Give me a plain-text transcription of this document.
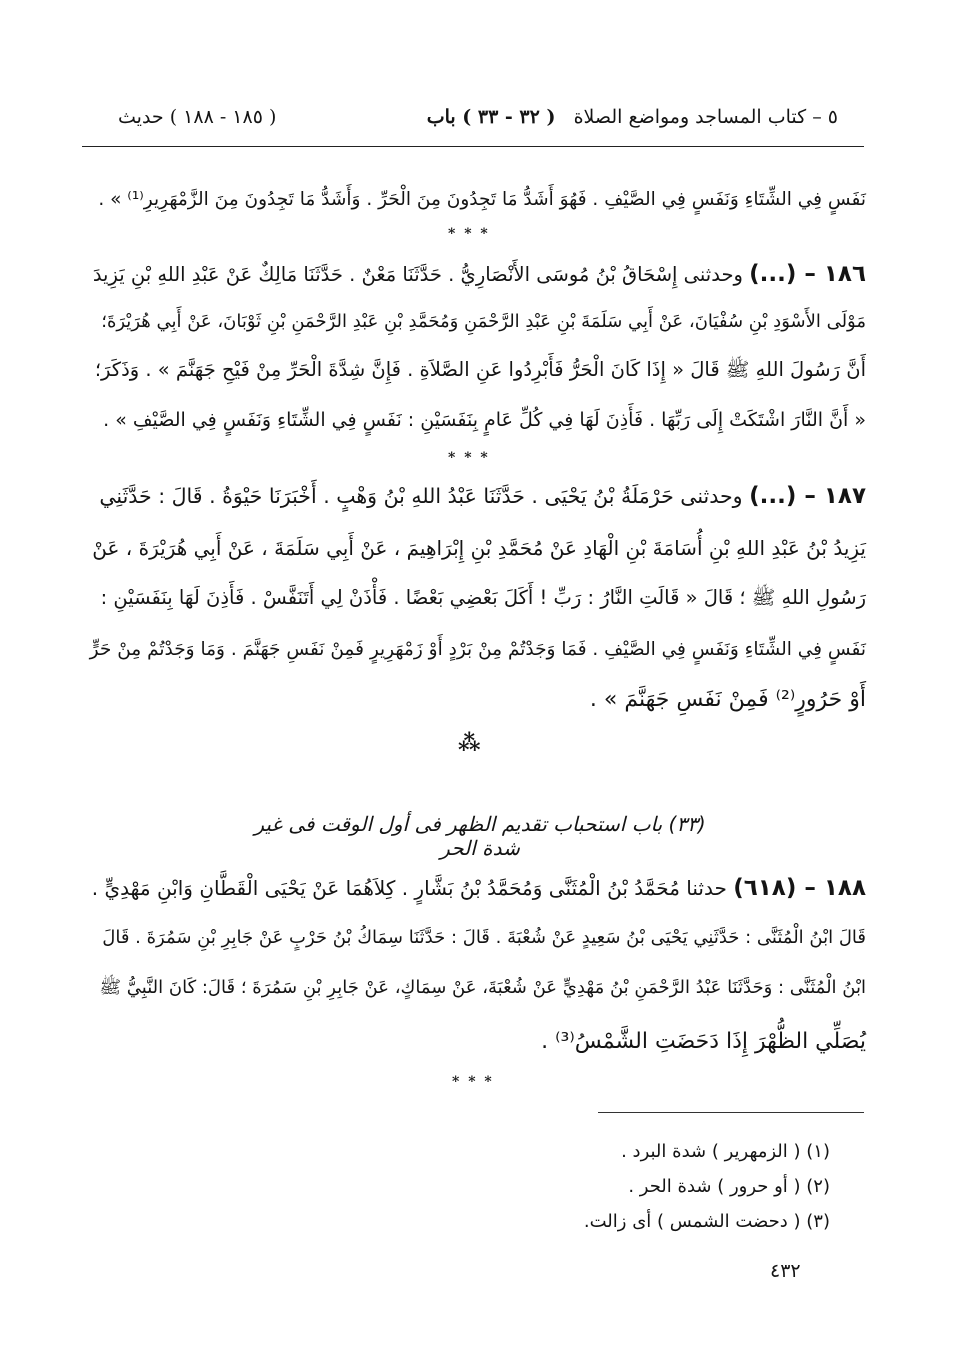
٥ – كتاب المساجد ومواضع الصلاة   ( ٣٢ - ٣٣ ) باب
( ١٨٥ - ١٨٨ ) حديث
نَفَسٍ فِي الشِّتَاءِ وَنَفَسٍ فِي الصَّيْفِ . فَهُوَ أَشَدُّ مَا تَجِدُونَ مِنَ الْحَرِّ . وَأَشَدُّ مَا تَجِدُونَ مِنَ الزَّمْهَرِيرِ⁽¹⁾ » .
* * *
١٨٦ – (...) وحدثنى إِسْحَاقُ بْنُ مُوسَى الأَنْصَارِيُّ . حَدَّثَنَا مَعْنٌ . حَدَّثَنَا مَالِكٌ عَنْ عَبْدِ اللهِ بْنِ يَزِيدَ
مَوْلَى الأَسْوَدِ بْنِ سُفْيَانَ، عَنْ أَبِي سَلَمَةَ بْنِ عَبْدِ الرَّحْمَنِ وَمُحَمَّدِ بْنِ عَبْدِ الرَّحْمَنِ بْنِ ثَوْبَانَ، عَنْ أَبِي هُرَيْرَةَ؛
أَنَّ رَسُولَ اللهِ ﷺ قَالَ « إِذَا كَانَ الْحَرُّ فَأَبْرِدُوا عَنِ الصَّلاَةِ . فَإِنَّ شِدَّةَ الْحَرِّ مِنْ فَيْحِ جَهَنَّمَ » . وَذَكَرَ؛
« أَنَّ النَّارَ اشْتَكَتْ إِلَى رَبِّهَا . فَأَذِنَ لَهَا فِي كُلِّ عَامٍ بِنَفَسَيْنِ : نَفَسٍ فِي الشِّتَاءِ وَنَفَسٍ فِي الصَّيْفِ » .
* * *
١٨٧ – (...) وحدثنى حَرْمَلَةُ بْنُ يَحْيَى . حَدَّثَنَا عَبْدُ اللهِ بْنُ وَهْبٍ . أَخْبَرَنَا حَيْوَةُ . قَالَ : حَدَّثَنِي
يَزِيدُ بْنُ عَبْدِ اللهِ بْنِ أُسَامَةَ بْنِ الْهَادِ عَنْ مُحَمَّدِ بْنِ إِبْرَاهِيمَ ، عَنْ أَبِي سَلَمَةَ ، عَنْ أَبِي هُرَيْرَةَ ، عَنْ
رَسُولِ اللهِ ﷺ ؛ قَالَ « قَالَتِ النَّارُ : رَبِّ ! أَكَلَ بَعْضِي بَعْضًا . فَأْذَنْ لِي أَتَنَفَّسْ . فَأَذِنَ لَهَا بِنَفَسَيْنِ :
نَفَسٍ فِي الشِّتَاءِ وَنَفَسٍ فِي الصَّيْفِ . فَمَا وَجَدْتُمْ مِنْ بَرْدٍ أَوْ زَمْهَرِيرٍ فَمِنْ نَفَسِ جَهَنَّمَ . وَمَا وَجَدْتُمْ مِنْ حَرٍّ
أَوْ حَرُورٍ⁽²⁾ فَمِنْ نَفَسِ جَهَنَّمَ » .
⁂
(٣٣) باب استحباب تقديم الظهر فى أول الوقت فى غير شدة الحر
١٨٨ – (٦١٨) حدثنا مُحَمَّدُ بْنُ الْمُثَنَّى وَمُحَمَّدُ بْنُ بَشَّارٍ . كِلاَهُمَا عَنْ يَحْيَى الْقَطَّانِ وَابْنِ مَهْدِيٍّ .
قَالَ ابْنُ الْمُثَنَّى : حَدَّثَنِي يَحْيَى بْنُ سَعِيدٍ عَنْ شُعْبَةَ . قَالَ : حَدَّثَنَا سِمَاكُ بْنُ حَرْبٍ عَنْ جَابِرِ بْنِ سَمُرَةَ . قَالَ
ابْنُ الْمُثَنَّى : وَحَدَّثَنَا عَبْدُ الرَّحْمَنِ بْنُ مَهْدِيٍّ عَنْ شُعْبَةَ، عَنْ سِمَاكٍ، عَنْ جَابِرِ بْنِ سَمُرَةَ ؛ قَالَ: كَانَ النَّبِيُّ ﷺ
يُصَلِّي الظُّهْرَ إِذَا دَحَضَتِ الشَّمْسُ⁽³⁾ .
* * *
(١) ( الزمهرير ) شدة البرد .
(٢) ( أو حرور ) شدة الحر .
(٣) ( دحضت الشمس ) أى زالت.
٤٣٢
